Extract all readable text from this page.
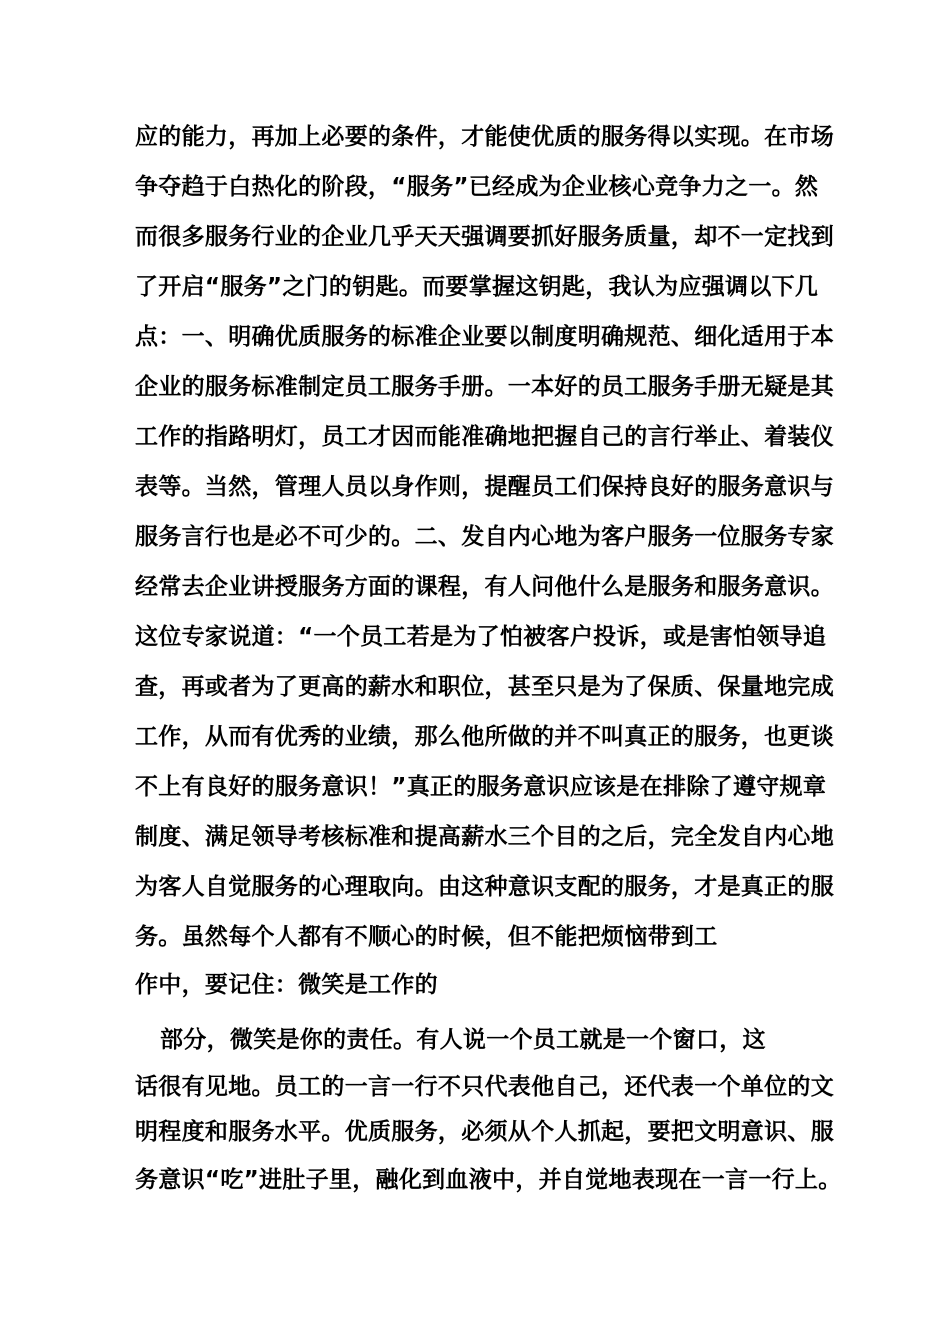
应的能力，再加上必要的条件，才能使优质的服务得以实现。在市场
争夺趋于白热化的阶段，“服务”已经成为企业核心竞争力之一。然
而很多服务行业的企业几乎天天强调要抓好服务质量，却不一定找到
了开启“服务”之门的钥匙。而要掌握这钥匙，我认为应强调以下几
点：一、明确优质服务的标准企业要以制度明确规范、细化适用于本
企业的服务标准制定员工服务手册。一本好的员工服务手册无疑是其
工作的指路明灯，员工才因而能准确地把握自己的言行举止、着装仪
表等。当然，管理人员以身作则，提醒员工们保持良好的服务意识与
服务言行也是必不可少的。二、发自内心地为客户服务一位服务专家
经常去企业讲授服务方面的课程，有人问他什么是服务和服务意识。
这位专家说道：“一个员工若是为了怕被客户投诉，或是害怕领导追
查，再或者为了更高的薪水和职位，甚至只是为了保质、保量地完成
工作，从而有优秀的业绩，那么他所做的并不叫真正的服务，也更谈
不上有良好的服务意识！”真正的服务意识应该是在排除了遵守规章
制度、满足领导考核标准和提高薪水三个目的之后，完全发自内心地
为客人自觉服务的心理取向。由这种意识支配的服务，才是真正的服
务。虽然每个人都有不顺心的时候，但不能把烦恼带到工
作中，要记住：微笑是工作的
部分，微笑是你的责任。有人说一个员工就是一个窗口，这
话很有见地。员工的一言一行不只代表他自己，还代表一个单位的文
明程度和服务水平。优质服务，必须从个人抓起，要把文明意识、服
务意识“吃”进肚子里，融化到血液中，并自觉地表现在一言一行上。
